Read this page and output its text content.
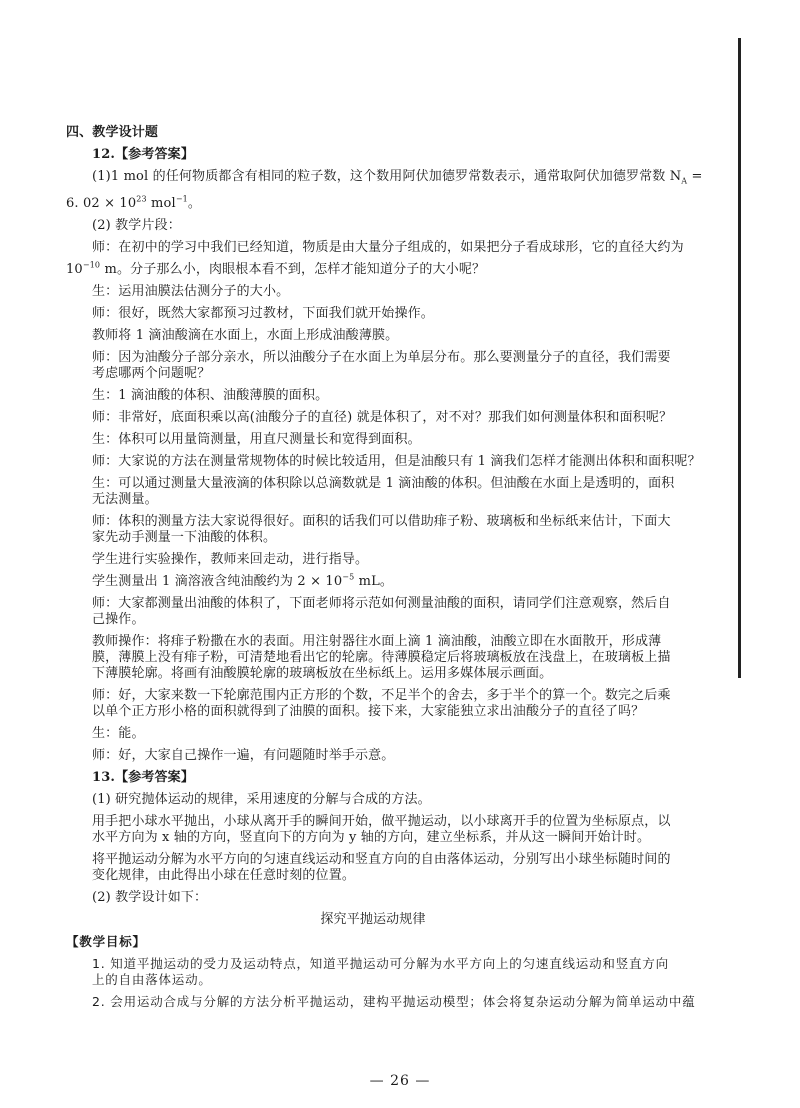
四、教学设计题
12.【参考答案】
(1)1 mol 的任何物质都含有相同的粒子数，这个数用阿伏加德罗常数表示，通常取阿伏加德罗常数 $N_A$ =
6. $02 \times 10^{23}$ mol$^{-1}$。
(2) 教学片段：
师：在初中的学习中我们已经知道，物质是由大量分子组成的，如果把分子看成球形，它的直径大约为
$10^{-10}$ m。分子那么小，肉眼根本看不到，怎样才能知道分子的大小呢？
生：运用油膜法估测分子的大小。
师：很好，既然大家都预习过教材，下面我们就开始操作。
教师将 1 滴油酸滴在水面上，水面上形成油酸薄膜。
师：因为油酸分子部分亲水，所以油酸分子在水面上为单层分布。那么要测量分子的直径，我们需要考虑哪两个问题呢？
生：1 滴油酸的体积、油酸薄膜的面积。
师：非常好，底面积乘以高(油酸分子的直径) 就是体积了，对不对？那我们如何测量体积和面积呢？
生：体积可以用量筒测量，用直尺测量长和宽得到面积。
师：大家说的方法在测量常规物体的时候比较适用，但是油酸只有 1 滴我们怎样才能测出体积和面积呢？
生：可以通过测量大量液滴的体积除以总滴数就是 1 滴油酸的体积。但油酸在水面上是透明的，面积无法测量。
师：体积的测量方法大家说得很好。面积的话我们可以借助痱子粉、玻璃板和坐标纸来估计，下面大家先动手测量一下油酸的体积。
学生进行实验操作，教师来回走动，进行指导。
学生测量出 1 滴溶液含纯油酸约为 $2 \times 10^{-5}$ mL。
师：大家都测量出油酸的体积了，下面老师将示范如何测量油酸的面积，请同学们注意观察，然后自己操作。
教师操作：将痱子粉撒在水的表面。用注射器往水面上滴 1 滴油酸，油酸立即在水面散开，形成薄膜，薄膜上没有痱子粉，可清楚地看出它的轮廓。待薄膜稳定后将玻璃板放在浅盘上，在玻璃板上描下薄膜轮廓。将画有油酸膜轮廓的玻璃板放在坐标纸上。运用多媒体展示画面。
师：好，大家来数一下轮廓范围内正方形的个数，不足半个的舍去，多于半个的算一个。数完之后乘以单个正方形小格的面积就得到了油膜的面积。接下来，大家能独立求出油酸分子的直径了吗？
生：能。
师：好，大家自己操作一遍，有问题随时举手示意。
13.【参考答案】
(1) 研究抛体运动的规律，采用速度的分解与合成的方法。
用手把小球水平抛出，小球从离开手的瞬间开始，做平抛运动，以小球离开手的位置为坐标原点，以水平方向为 x 轴的方向，竖直向下的方向为 y 轴的方向，建立坐标系，并从这一瞬间开始计时。
将平抛运动分解为水平方向的匀速直线运动和竖直方向的自由落体运动，分别写出小球坐标随时间的变化规律，由此得出小球在任意时刻的位置。
(2) 教学设计如下：
探究平抛运动规律
【教学目标】
1. 知道平抛运动的受力及运动特点，知道平抛运动可分解为水平方向上的匀速直线运动和竖直方向上的自由落体运动。
2. 会用运动合成与分解的方法分析平抛运动，建构平抛运动模型；体会将复杂运动分解为简单运动中蕴
— 26 —
